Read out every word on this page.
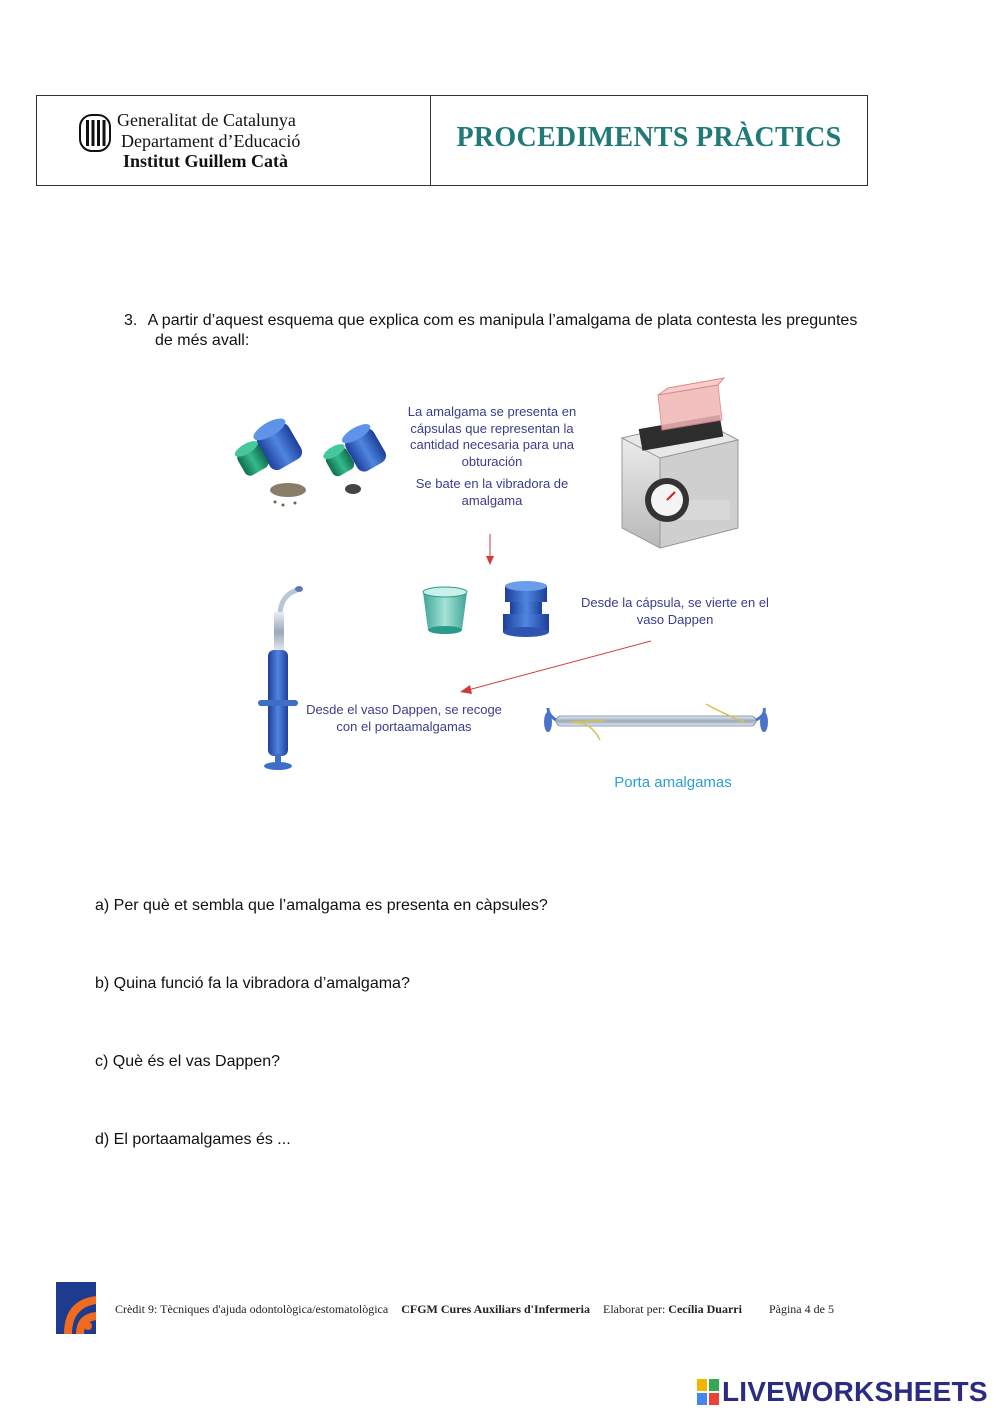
Generalitat de Catalunya
Departament d’Educació
Institut Guillem Catà
PROCEDIMENTS PRÀCTICS
3. A partir d’aquest esquema que explica com es manipula l’amalgama de plata contesta les preguntes
de més avall:
La amalgama se presenta en cápsulas que representan la cantidad necesaria para una obturación
Se bate en la vibradora de amalgama
Desde la cápsula, se vierte en el vaso Dappen
Desde el vaso Dappen, se recoge con el portaamalgamas
Porta amalgamas
a) Per què et sembla que l’amalgama es presenta en càpsules?
b) Quina funció fa la vibradora d’amalgama?
c) Què és el vas Dappen?
d) El portaamalgames és ...
Crèdit 9: Tècniques d'ajuda odontològica/estomatològica CFGM Cures Auxiliars d'Infermeria Elaborat per: Cecília Duarri Pàgina 4 de 5
LIVEWORKSHEETS
